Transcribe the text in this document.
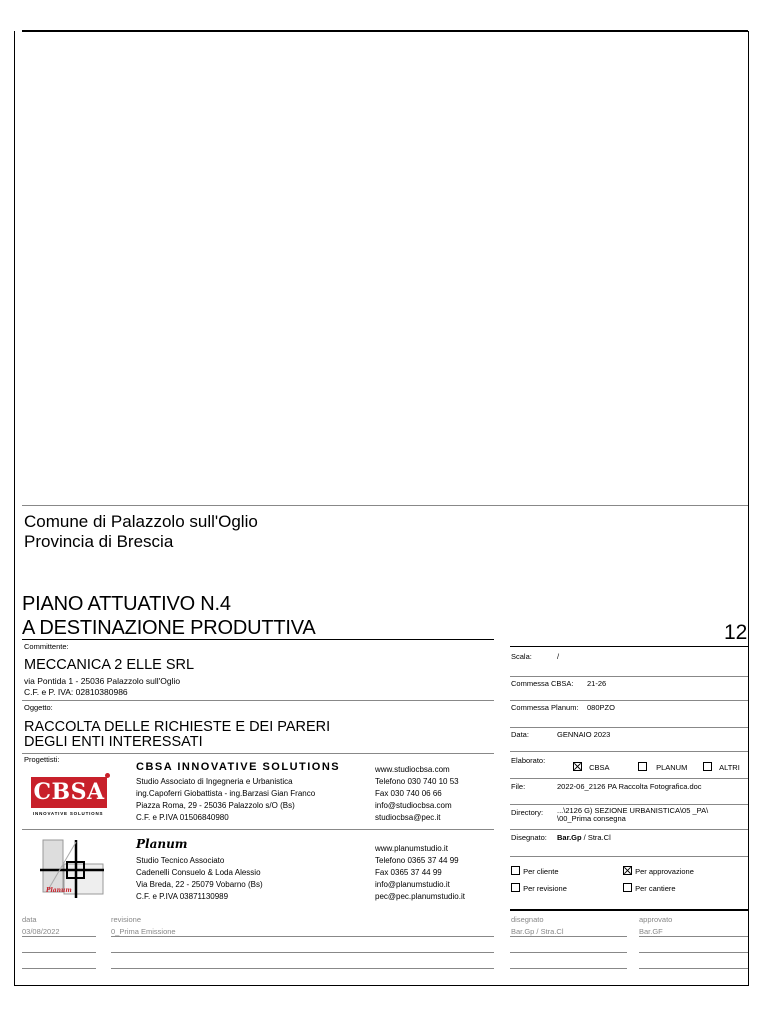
Comune di Palazzolo sull'Oglio
Provincia di Brescia
PIANO ATTUATIVO N.4
A DESTINAZIONE PRODUTTIVA	12
Committente:
MECCANICA 2 ELLE SRL
via Pontida 1 - 25036 Palazzolo sull'Oglio
C.F. e P. IVA: 02810380986
Oggetto:
RACCOLTA DELLE RICHIESTE E DEI PARERI
DEGLI ENTI INTERESSATI
Progettisti:
CBSA
INNOVATIVE SOLUTIONS
CBSA INNOVATIVE SOLUTIONS
Studio Associato di Ingegneria e Urbanistica
ing.Capoferri Giobattista - ing.Barzasi Gian Franco
Piazza Roma, 29 - 25036 Palazzolo s/O (Bs)
C.F. e P.IVA 01506840980
www.studiocbsa.com
Telefono 030 740 10 53
Fax 030 740 06 66
info@studiocbsa.com
studiocbsa@pec.it
Planum
Planum
Studio Tecnico Associato
Cadenelli Consuelo & Loda Alessio
Via Breda, 22 - 25079 Vobarno (Bs)
C.F. e P.IVA 03871130989
www.planumstudio.it
Telefono 0365 37 44 99
Fax 0365 37 44 99
info@planumstudio.it
pec@pec.planumstudio.it
Scala:	/
Commessa CBSA: 21-26
Commessa Planum: 080PZO
Data:	GENNAIO 2023
Elaborato:
CBSA	PLANUM	ALTRI
File:	2022-06_2126 PA Raccolta Fotografica.doc
Directory: ...\2126 G) SEZIONE URBANISTICA\05 _PA\
\00_Prima consegna
Disegnato: Bar.Gp / Stra.Cl
Per cliente	Per approvazione
Per revisione	Per cantiere
data	revisione	disegnato	approvato
03/08/2022	0_Prima Emissione	Bar.Gp / Stra.Cl	Bar.GF
